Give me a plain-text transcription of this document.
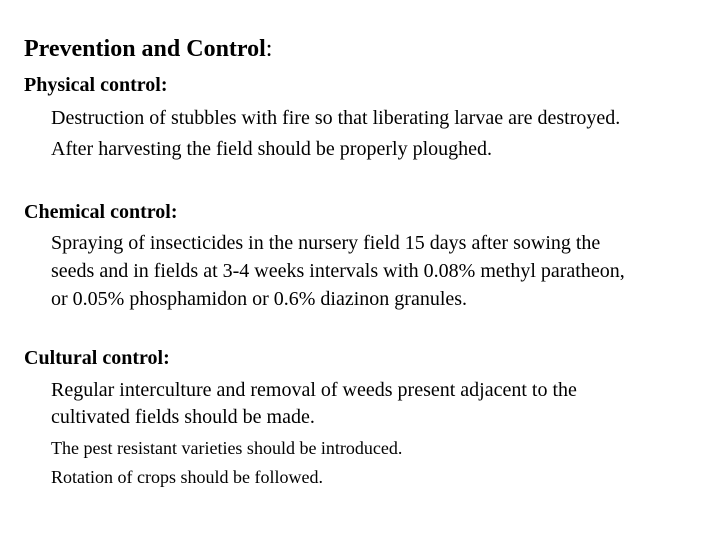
Prevention and Control:
Physical control:
Destruction of stubbles with fire so that liberating larvae are destroyed.
After harvesting the field should be properly ploughed.
Chemical control:
Spraying of insecticides in the nursery field 15 days after sowing the
seeds and in fields at 3-4 weeks intervals with 0.08% methyl paratheon,
or 0.05% phosphamidon or 0.6% diazinon granules.
Cultural control:
Regular interculture and removal of weeds present adjacent to the
cultivated fields should be made.
The pest resistant varieties should be introduced.
Rotation of crops should be followed.
